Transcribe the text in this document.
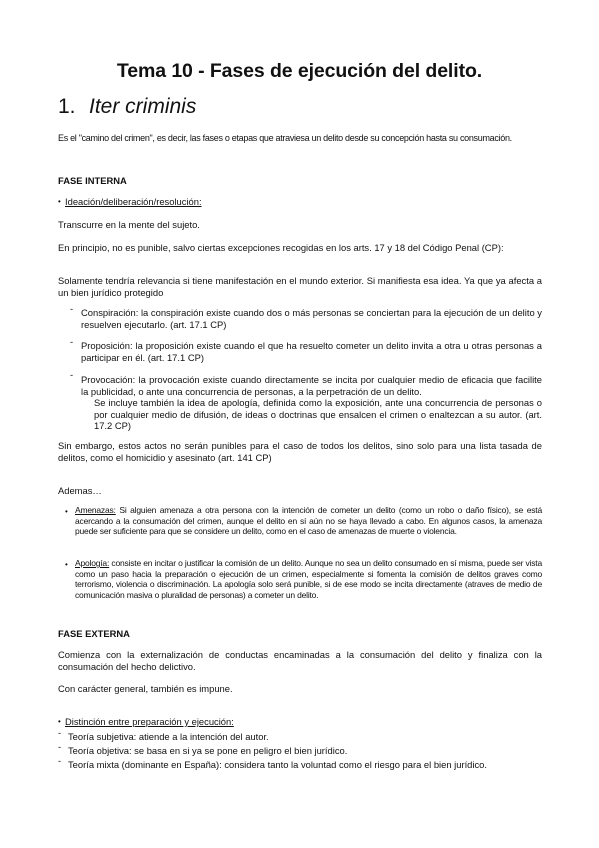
Tema 10 - Fases de ejecución del delito.
1. Iter criminis
Es el "camino del crimen", es decir, las fases o etapas que atraviesa un delito desde su concepción hasta su consumación.
FASE INTERNA
• Ideación/deliberación/resolución:
Transcurre en la mente del sujeto.
En principio, no es punible, salvo ciertas excepciones recogidas en los arts. 17 y 18 del Código Penal (CP):
Solamente tendría relevancia si tiene manifestación en el mundo exterior. Si manifiesta esa idea. Ya que ya afecta a un bien jurídico protegido
- Conspiración: la conspiración existe cuando dos o más personas se conciertan para la ejecución de un delito y resuelven ejecutarlo. (art. 17.1 CP)
- Proposición: la proposición existe cuando el que ha resuelto cometer un delito invita a otra u otras personas a participar en él. (art. 17.1 CP)
- Provocación: la provocación existe cuando directamente se incita por cualquier medio de eficacia que facilite la publicidad, o ante una concurrencia de personas, a la perpetración de un delito.
Se incluye también la idea de apología, definida como la exposición, ante una concurrencia de personas o por cualquier medio de difusión, de ideas o doctrinas que ensalcen el crimen o enaltezcan a su autor. (art. 17.2 CP)
Sin embargo, estos actos no serán punibles para el caso de todos los delitos, sino solo para una lista tasada de delitos, como el homicidio y asesinato (art. 141 CP)
Ademas…
• Amenazas: Si alguien amenaza a otra persona con la intención de cometer un delito (como un robo o daño físico), se está acercando a la consumación del crimen, aunque el delito en sí aún no se haya llevado a cabo. En algunos casos, la amenaza puede ser suficiente para que se considere un delito, como en el caso de amenazas de muerte o violencia.
• Apología: consiste en incitar o justificar la comisión de un delito. Aunque no sea un delito consumado en sí misma, puede ser vista como un paso hacia la preparación o ejecución de un crimen, especialmente si fomenta la comisión de delitos graves como terrorismo, violencia o discriminación. La apología solo será punible, si de ese modo se incita directamente (atraves de medio de comunicación masiva o pluralidad de personas) a cometer un delito.
FASE EXTERNA
Comienza con la externalización de conductas encaminadas a la consumación del delito y finaliza con la consumación del hecho delictivo.
Con carácter general, también es impune.
• Distinción entre preparación y ejecución:
- Teoría subjetiva: atiende a la intención del autor.
- Teoría objetiva: se basa en si ya se pone en peligro el bien jurídico.
- Teoría mixta (dominante en España): considera tanto la voluntad como el riesgo para el bien jurídico.
